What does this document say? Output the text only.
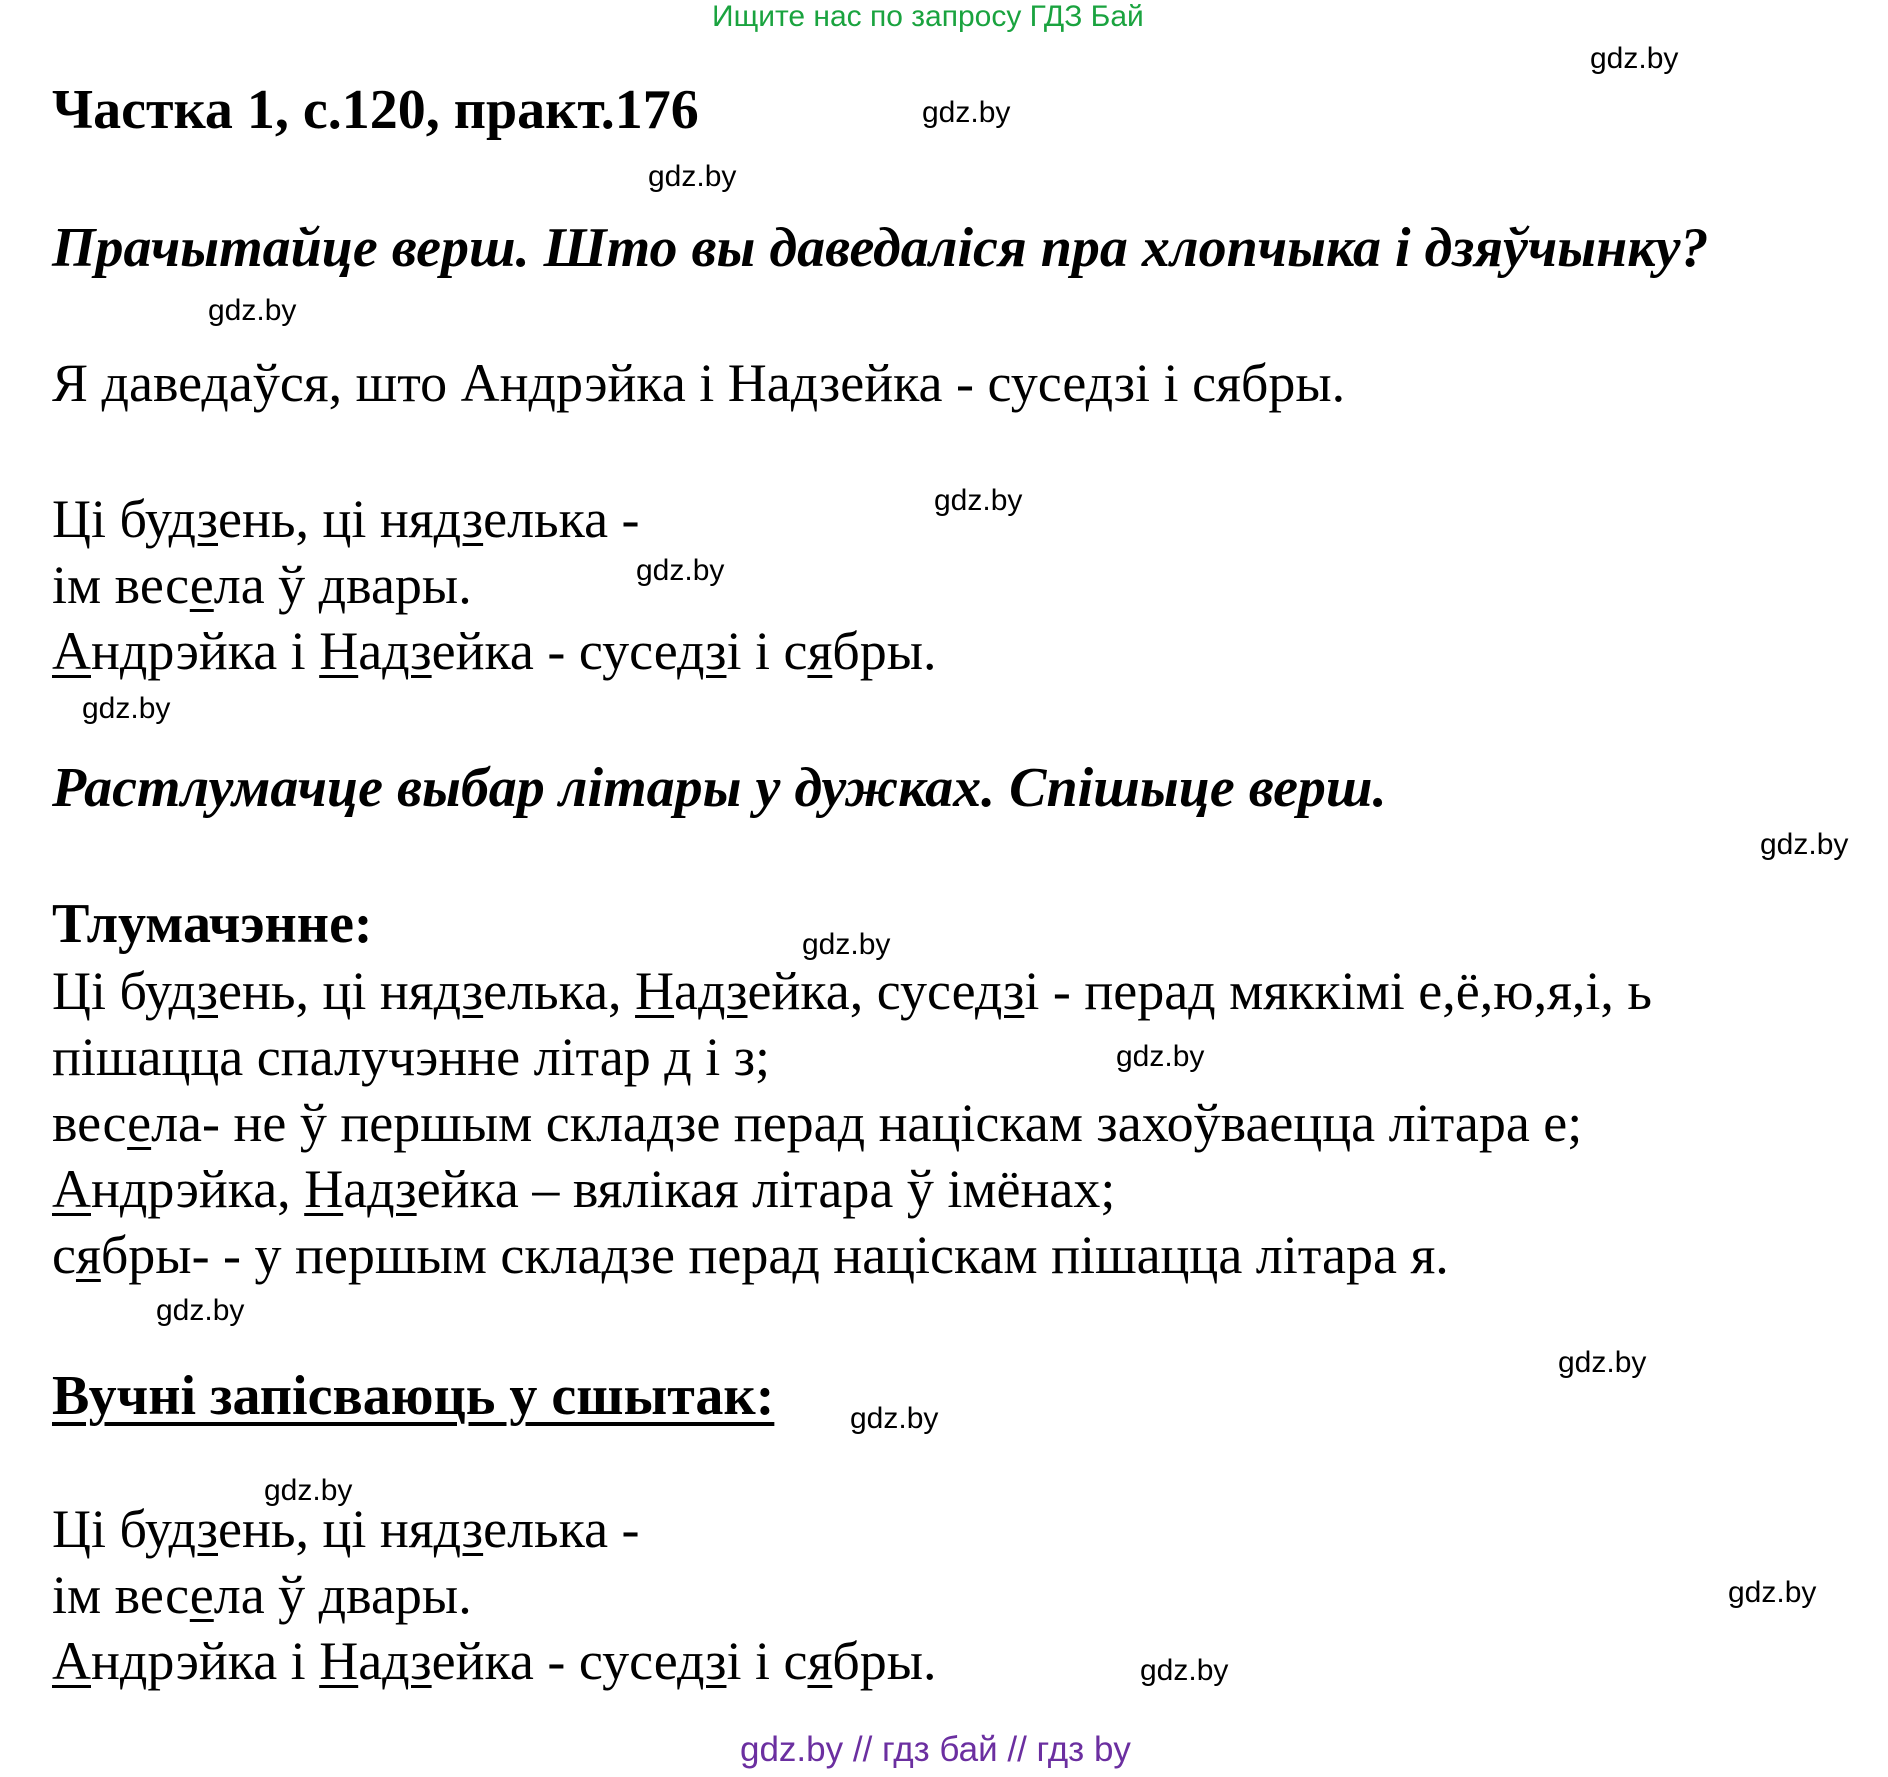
Ищите нас по запросу ГДЗ Бай
gdz.by
gdz.by
gdz.by
gdz.by
gdz.by
gdz.by
gdz.by
gdz.by
gdz.by
gdz.by
gdz.by
gdz.by
gdz.by
gdz.by
gdz.by
gdz.by
Частка 1, с.120, практ.176
Прачытайце верш. Што вы даведаліся пра хлопчыка і дзяўчынку?
Я даведаўся, што Андрэйка і Надзейка - суседзі і сябры.
Ці будзень, ці нядзелька -
ім весела ў двары.
Андрэйка і Надзейка - суседзі і сябры.
Растлумачце выбар літары у дужках. Спішыце верш.
Тлумачэнне:
Ці будзень, ці нядзелька, Надзейка, суседзі - перад мяккімі е,ё,ю,я,і, ь
пішацца спалучэнне літар д і з;
весела- не ў першым складзе перад націскам захоўваецца літара е;
Андрэйка, Надзейка – вялікая літара ў імёнах;
сябры- - у першым складзе перад націскам пішацца літара я.
Вучні запісваюць у сшытак:
Ці будзень, ці нядзелька -
ім весела ў двары.
Андрэйка і Надзейка - суседзі і сябры.
gdz.by // гдз бай // гдз by
